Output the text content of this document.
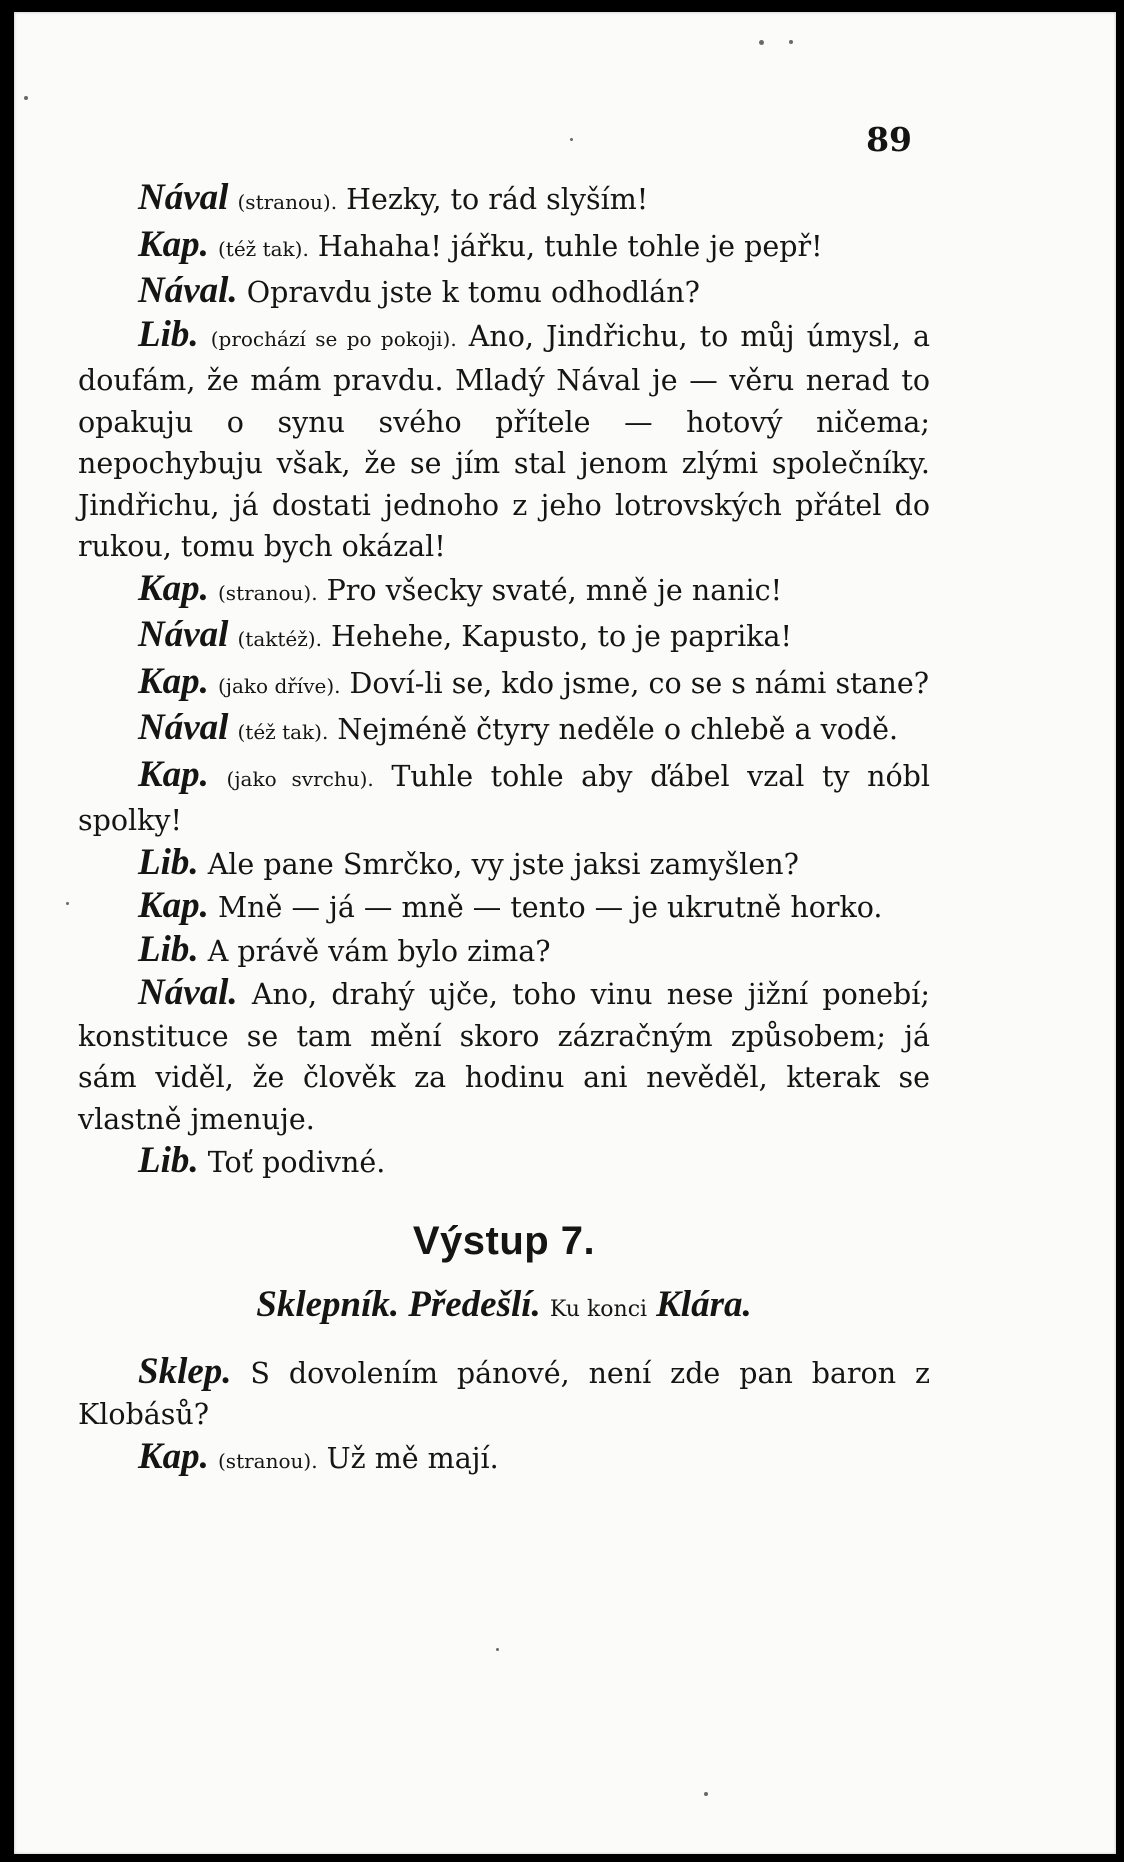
89

Nával (stranou). Hezky, to rád slyším!

Kap. (též tak). Hahaha! jářku, tuhle tohle je pepř!

Nával. Opravdu jste k tomu odhodlán?

Lib. (prochází se po pokoji). Ano, Jindřichu, to můj úmysl, a doufám, že mám pravdu. Mladý Nával je — věru nerad to opakuju o synu svého přítele — hotový ničema; nepochybuju však, že se jím stal jenom zlými společníky. Jindřichu, já dostati jednoho z jeho lotrovských přátel do rukou, tomu bych okázal!

Kap. (stranou). Pro všecky svaté, mně je nanic!

Nával (taktéž). Hehehe, Kapusto, to je paprika!

Kap. (jako dříve). Doví-li se, kdo jsme, co se s námi stane?

Nával (též tak). Nejméně čtyry neděle o chlebě a vodě.

Kap. (jako svrchu). Tuhle tohle aby ďábel vzal ty nóbl spolky!

Lib. Ale pane Smrčko, vy jste jaksi zamyšlen?

Kap. Mně — já — mně — tento — je ukrutně horko.

Lib. A právě vám bylo zima?

Nával. Ano, drahý ujče, toho vinu nese jižní ponebí; konstituce se tam mění skoro zázračným způsobem; já sám viděl, že člověk za hodinu ani nevěděl, kterak se vlastně jmenuje.

Lib. Toť podivné.

Výstup 7.
Sklepník. Předešlí. Ku konci Klára.

Sklep. S dovolením pánové, není zde pan baron z Klobásů?

Kap. (stranou). Už mě mají.
